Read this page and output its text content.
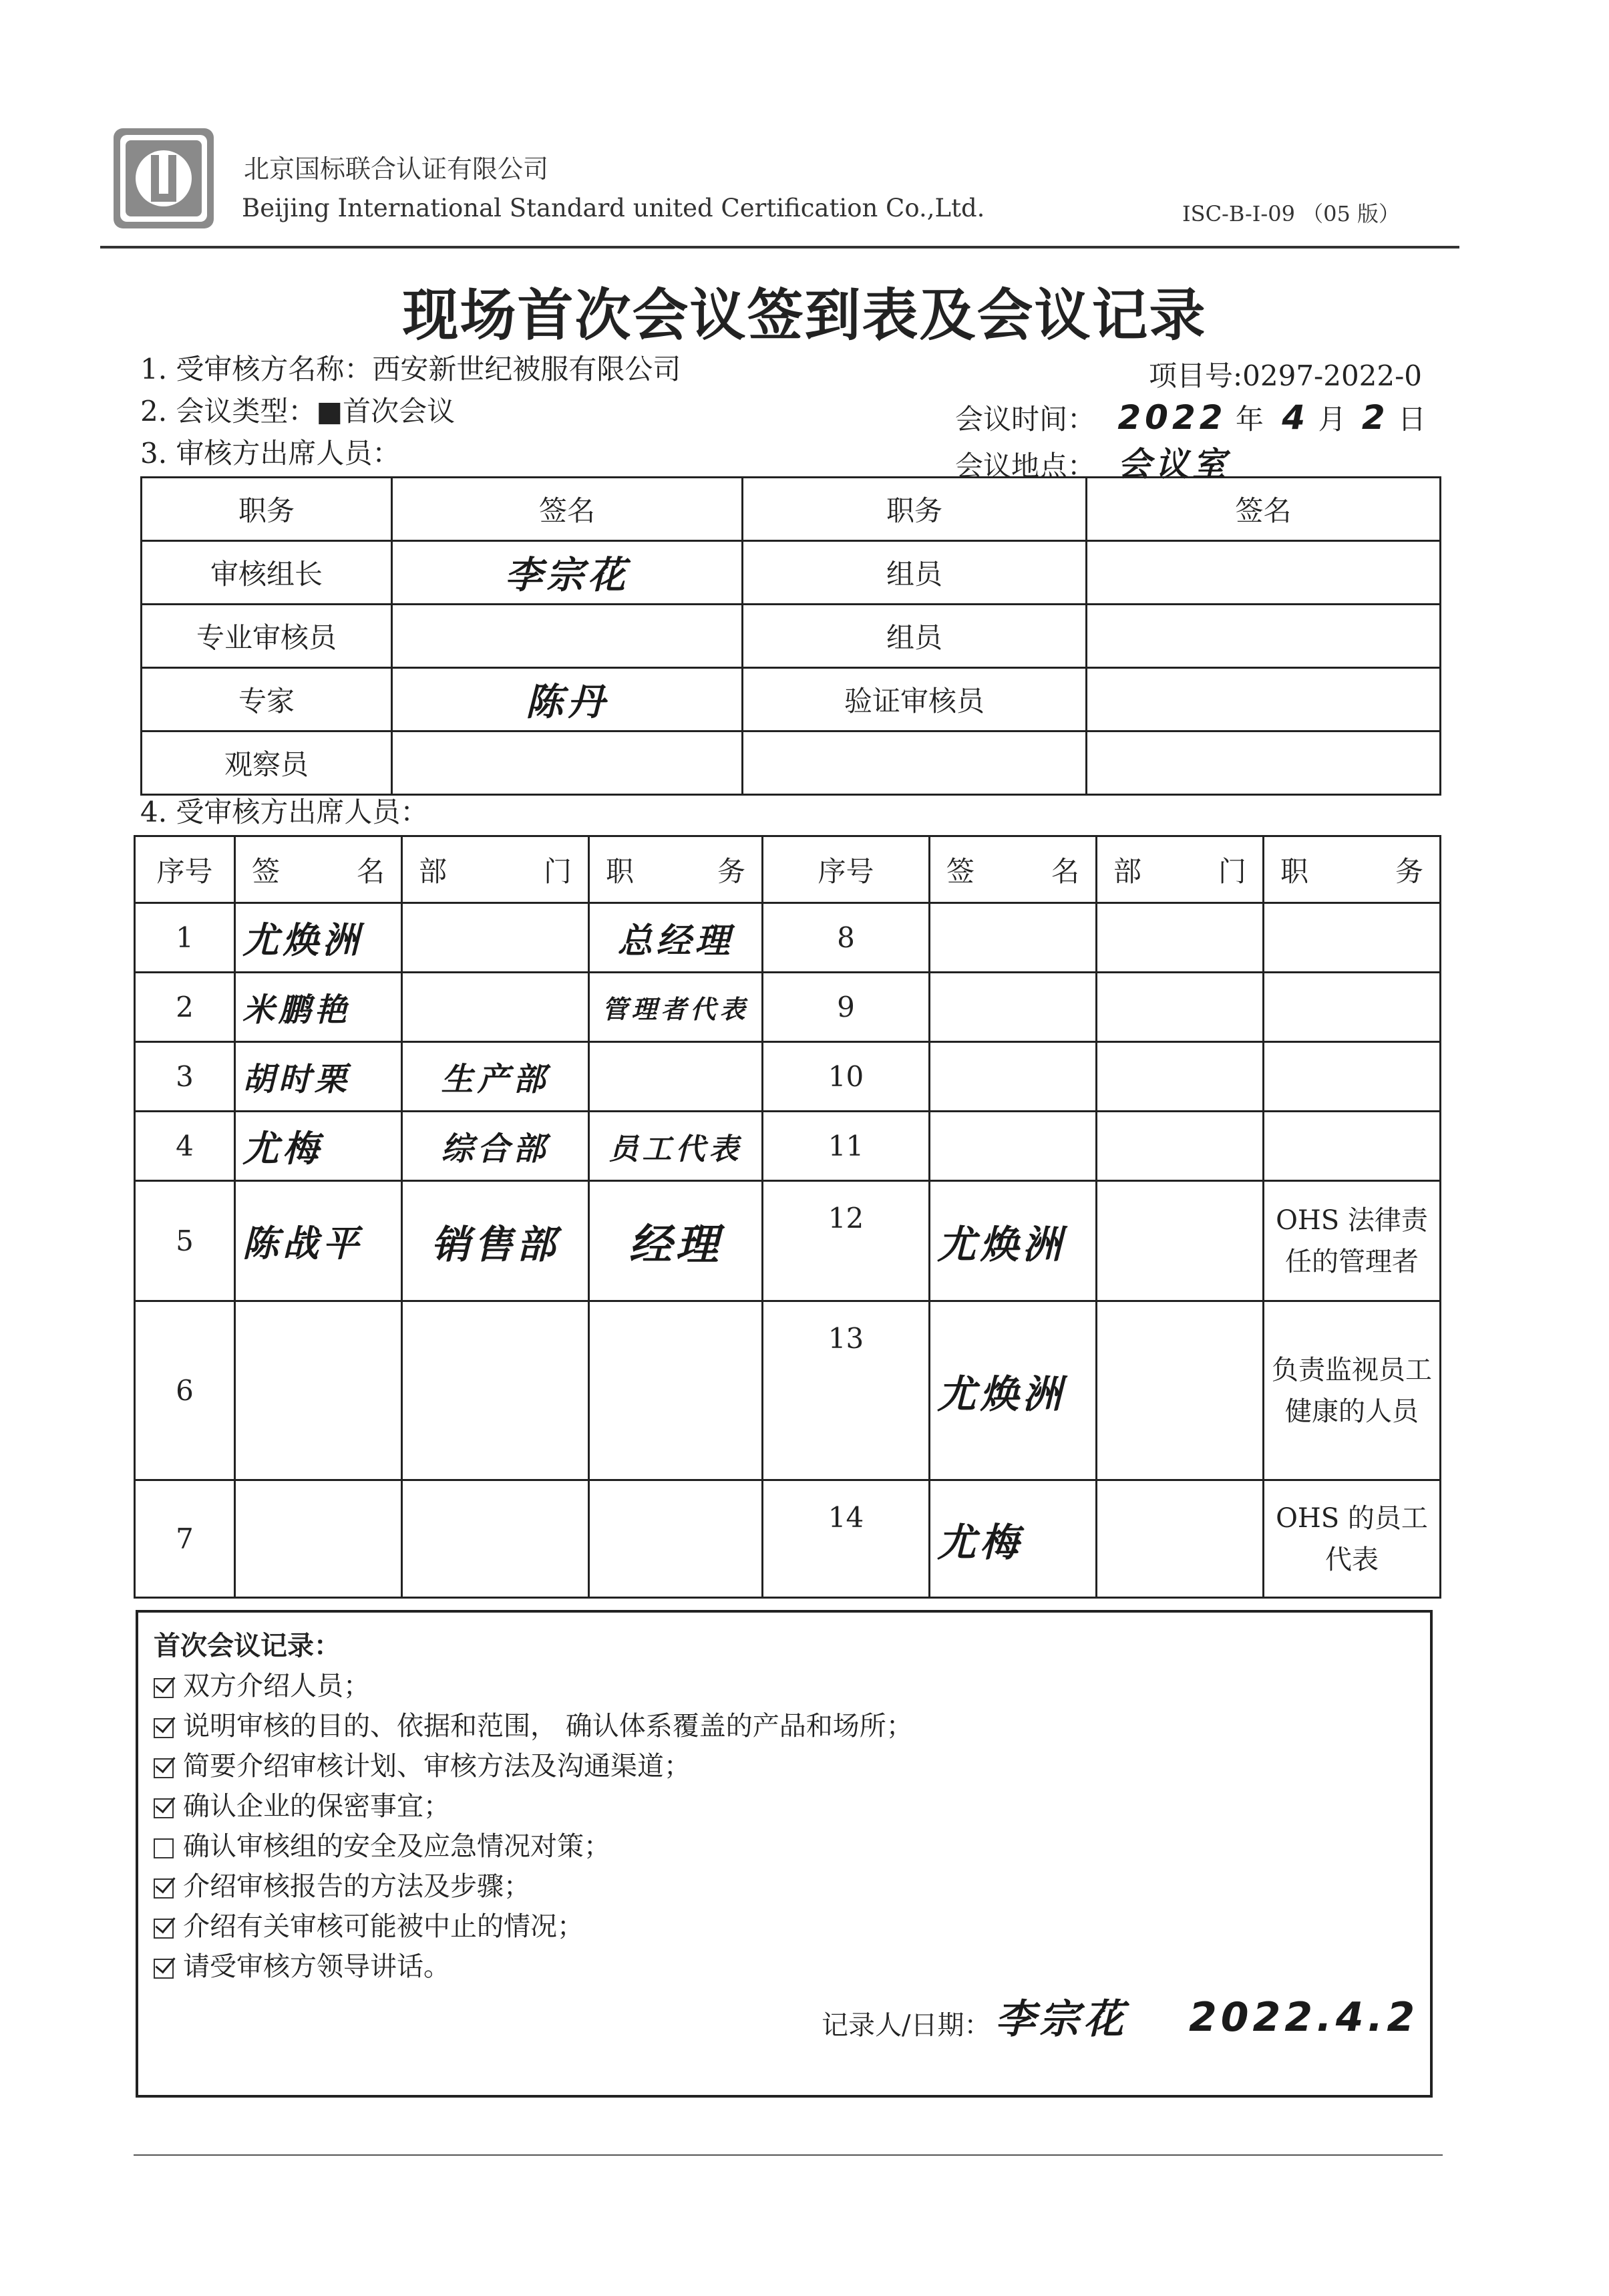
北京国标联合认证有限公司
Beijing International Standard united Certification Co.,Ltd.	ISC-B-I-09 （05 版）
现场首次会议签到表及会议记录
1. 受审核方名称：西安新世纪被服有限公司
2. 会议类型：■首次会议
3. 审核方出席人员：
项目号:0297-2022-0
会议时间： 2022 年 4 月 2 日
会议地点： 会议室
职务	签名	职务	签名
审核组长	李宗花	组员	
专业审核员		组员	
专家	陈丹	验证审核员	
观察员			
4. 受审核方出席人员：
序号	签 名	部 门	职 务	序号	签 名	部 门	职 务

1	尤焕洲		总经理	8			
2	米鹏艳		管理者代表	9			
3	胡时栗	生产部		10			
4	尤梅	综合部	员工代表	11			
5	陈战平	销售部	经理	12	尤焕洲		OHS 法律责任的管理者
6				13	尤焕洲		负责监视员工健康的人员
7				14	尤梅		OHS 的员工代表
首次会议记录：
双方介绍人员；
说明审核的目的、依据和范围， 确认体系覆盖的产品和场所；
简要介绍审核计划、审核方法及沟通渠道；
确认企业的保密事宜；
确认审核组的安全及应急情况对策；
介绍审核报告的方法及步骤；
介绍有关审核可能被中止的情况；
请受审核方领导讲话。
记录人/日期： 李宗花 2022.4.2
